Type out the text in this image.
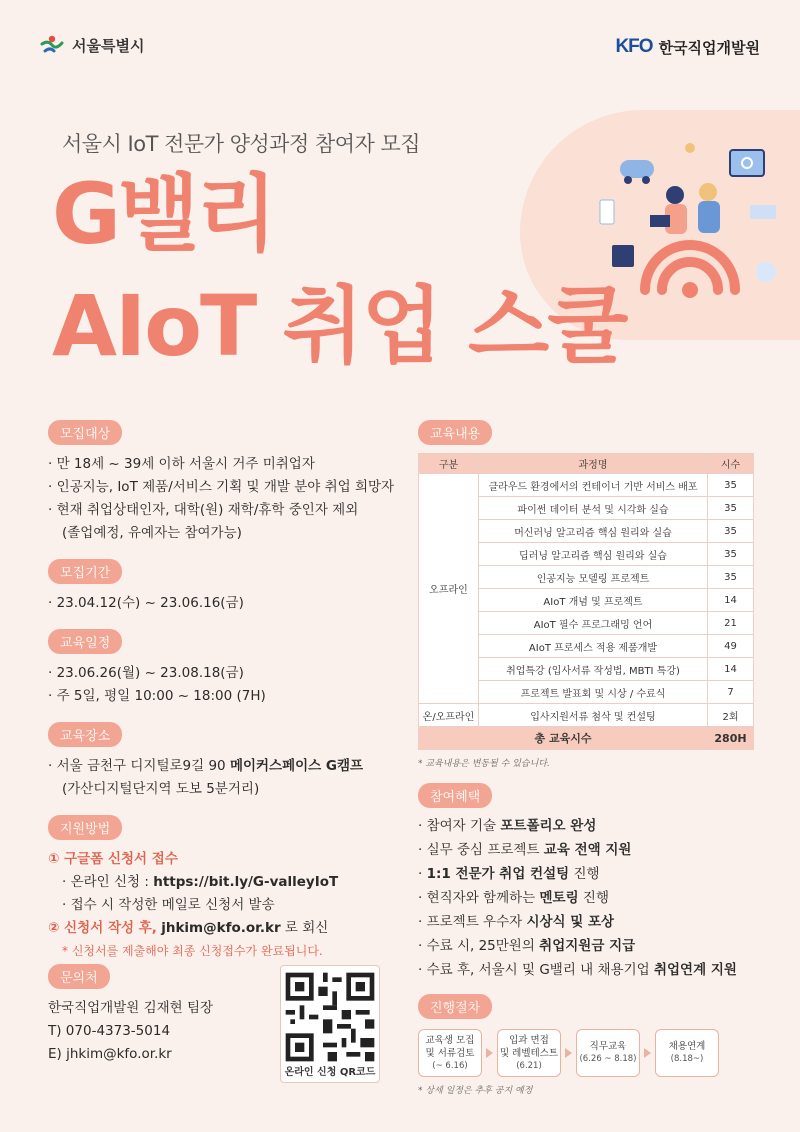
서울특별시	KFO 한국직업개발원
서울시 IoT 전문가 양성과정 참여자 모집
G밸리
AIoT 취업 스쿨
모집대상
· 만 18세 ~ 39세 이하 서울시 거주 미취업자
· 인공지능, IoT 제품/서비스 기획 및 개발 분야 취업 희망자
· 현재 취업상태인자, 대학(원) 재학/휴학 중인자 제외
(졸업예정, 유예자는 참여가능)
모집기간
· 23.04.12(수) ~ 23.06.16(금)
교육일정
· 23.06.26(월) ~ 23.08.18(금)
· 주 5일, 평일 10:00 ~ 18:00 (7H)
교육장소
· 서울 금천구 디지털로9길 90 메이커스페이스 G캠프
(가산디지털단지역 도보 5분거리)
지원방법
① 구글폼 신청서 접수
· 온라인 신청 : https://bit.ly/G-valleyIoT
· 접수 시 작성한 메일로 신청서 발송
② 신청서 작성 후, jhkim@kfo.or.kr 로 회신
* 신청서를 제출해야 최종 신청접수가 완료됩니다.
문의처
한국직업개발원 김재현 팀장
T) 070-4373-5014
E) jhkim@kfo.or.kr
온라인 신청 QR코드
교육내용
구분	과정명	시수
오프라인	클라우드 환경에서의 컨테이너 기반 서비스 배포	35
	파이썬 데이터 분석 및 시각화 실습	35
	머신러닝 알고리즘 핵심 원리와 실습	35
	딥러닝 알고리즘 핵심 원리와 실습	35
	인공지능 모델링 프로젝트	35
	AIoT 개념 및 프로젝트	14
	AIoT 필수 프로그래밍 언어	21
	AIoT 프로세스 적용 제품개발	49
	취업특강 (입사서류 작성법, MBTI 특강)	14
	프로젝트 발표회 및 시상 / 수료식	7
온/오프라인	입사지원서류 첨삭 및 컨설팅	2회
총 교육시수		280H
* 교육내용은 변동될 수 있습니다.
참여혜택
· 참여자 기술 포트폴리오 완성
· 실무 중심 프로젝트 교육 전액 지원
· 1:1 전문가 취업 컨설팅 진행
· 현직자와 함께하는 멘토링 진행
· 프로젝트 우수자 시상식 및 포상
· 수료 시, 25만원의 취업지원금 지급
· 수료 후, 서울시 및 G밸리 내 채용기업 취업연계 지원
진행절차
교육생 모집
및 서류검토
(~ 6.16)
입과 면접
및 레벨테스트
(6.21)
직무교육
(6.26 ~ 8.18)
채용연계
(8.18~)
* 상세 일정은 추후 공지 예정
